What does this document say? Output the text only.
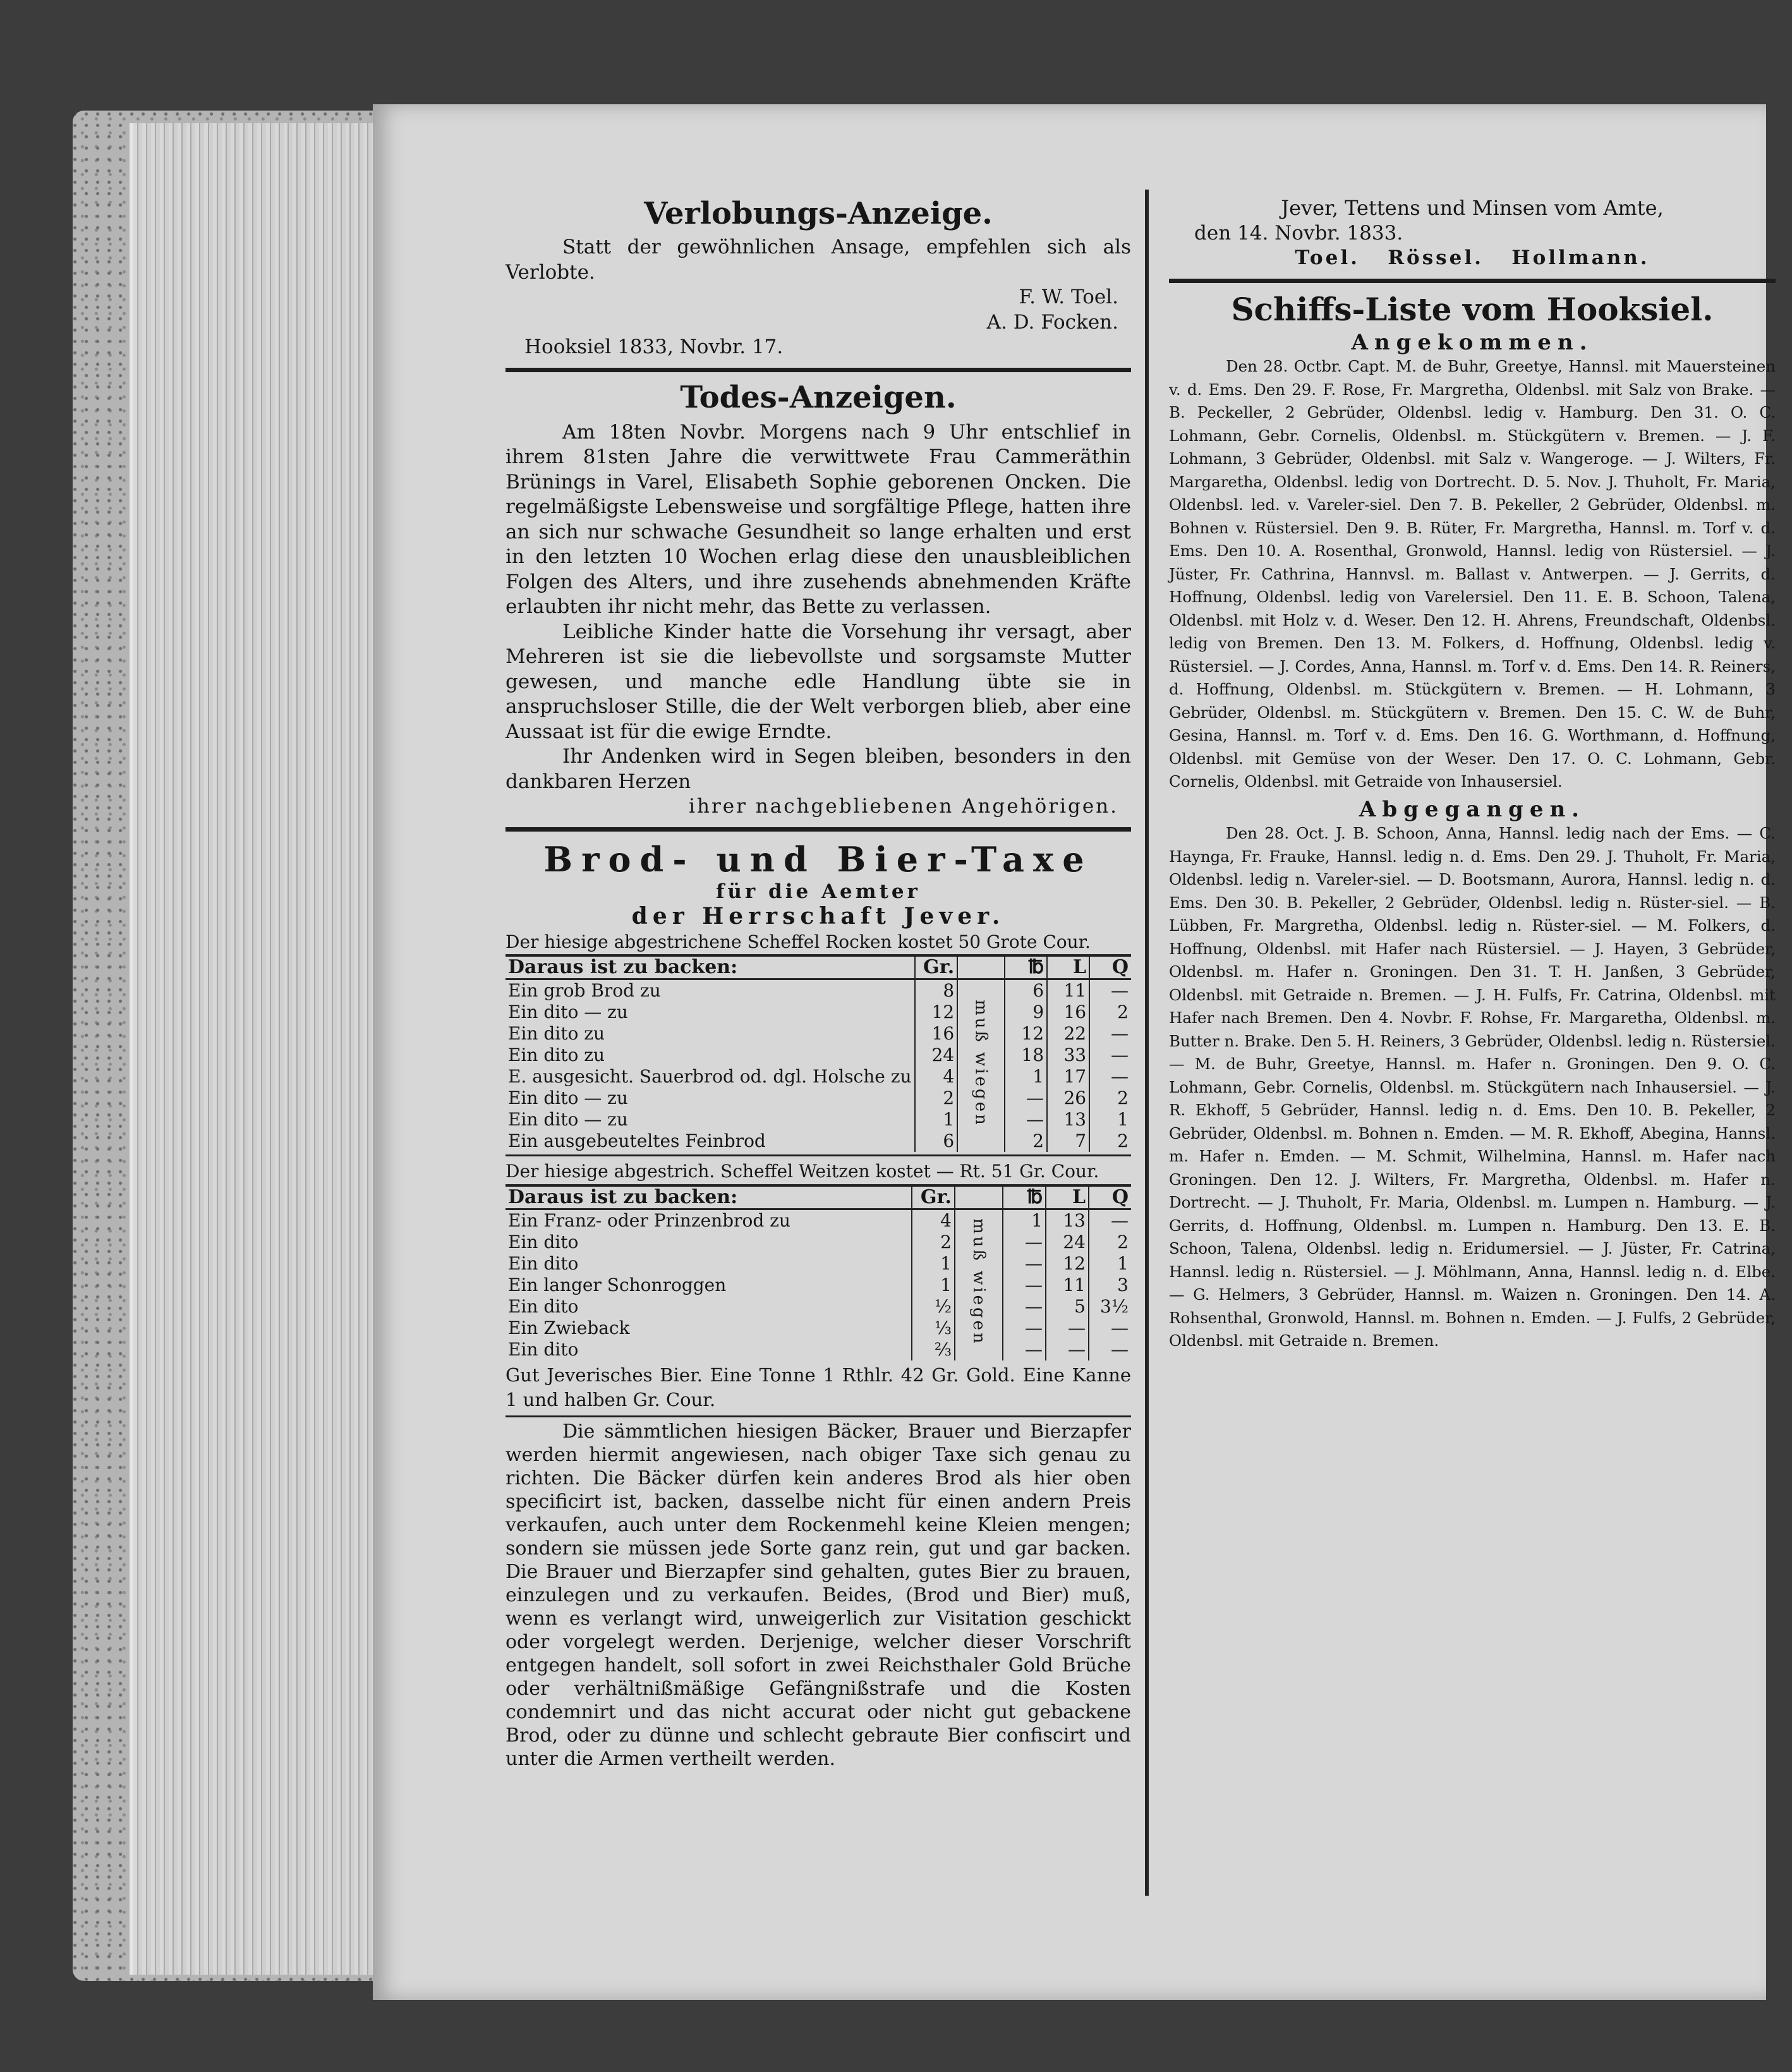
Verlobungs-Anzeige.

Statt der gewöhnlichen Ansage, empfehlen sich als Verlobte.

F. W. Toel.

A. D. Focken.

Hooksiel 1833, Novbr. 17.

Todes-Anzeigen.

Am 18ten Novbr. Morgens nach 9 Uhr entschlief in ihrem 81sten Jahre die verwittwete Frau Cammeräthin Brünings in Varel, Elisabeth Sophie geborenen Oncken. Die regelmäßigste Lebensweise und sorgfältige Pflege, hatten ihre an sich nur schwache Gesundheit so lange erhalten und erst in den letzten 10 Wochen erlag diese den unausbleiblichen Folgen des Alters, und ihre zusehends abnehmenden Kräfte erlaubten ihr nicht mehr, das Bette zu verlassen.

Leibliche Kinder hatte die Vorsehung ihr versagt, aber Mehreren ist sie die liebevollste und sorgsamste Mutter gewesen, und manche edle Handlung übte sie in anspruchsloser Stille, die der Welt verborgen blieb, aber eine Aussaat ist für die ewige Erndte.

Ihr Andenken wird in Segen bleiben, besonders in den dankbaren Herzen

ihrer nachgebliebenen Angehörigen.

Brod- und Bier-Taxe

für die Aemter

der Herrschaft Jever.

Der hiesige abgestrichene Scheffel Rocken kostet 50 Grote Cour.

Daraus ist zu backen:	Gr.		℔	L	Q
Ein grob Brod zu	8	muß wiegen	6	11	—
Ein dito — zu	12		9	16	2
Ein dito zu	16		12	22	—
Ein dito zu	24		18	33	—
E. ausgesicht. Sauerbrod od. dgl. Holsche zu	4		1	17	—
Ein dito — zu	2		—	26	2
Ein dito — zu	1		—	13	1
Ein ausgebeuteltes Feinbrod	6		2	7	2

Der hiesige abgestrich. Scheffel Weitzen kostet — Rt. 51 Gr. Cour.

Daraus ist zu backen:	Gr.		℔	L	Q
Ein Franz- oder Prinzenbrod zu	4	muß wiegen	1	13	—
Ein dito	2		—	24	2
Ein dito	1		—	12	1
Ein langer Schonroggen	1		—	11	3
Ein dito	½		—	5	3½
Ein Zwieback	⅓		—	—	—
Ein dito	⅔		—	—	—

Gut Jeverisches Bier. Eine Tonne 1 Rthlr. 42 Gr. Gold. Eine Kanne 1 und halben Gr. Cour.

Die sämmtlichen hiesigen Bäcker, Brauer und Bierzapfer werden hiermit angewiesen, nach obiger Taxe sich genau zu richten. Die Bäcker dürfen kein anderes Brod als hier oben specificirt ist, backen, dasselbe nicht für einen andern Preis verkaufen, auch unter dem Rockenmehl keine Kleien mengen; sondern sie müssen jede Sorte ganz rein, gut und gar backen. Die Brauer und Bierzapfer sind gehalten, gutes Bier zu brauen, einzulegen und zu verkaufen. Beides, (Brod und Bier) muß, wenn es verlangt wird, unweigerlich zur Visitation geschickt oder vorgelegt werden. Derjenige, welcher dieser Vorschrift entgegen handelt, soll sofort in zwei Reichsthaler Gold Brüche oder verhältnißmäßige Gefängnißstrafe und die Kosten condemnirt und das nicht accurat oder nicht gut gebackene Brod, oder zu dünne und schlecht gebraute Bier confiscirt und unter die Armen vertheilt werden.

Jever, Tettens und Minsen vom Amte,

den 14. Novbr. 1833.

Toel.   Rössel.   Hollmann.

Schiffs-Liste vom Hooksiel.

Angekommen.

Den 28. Octbr. Capt. M. de Buhr, Greetye, Hannsl. mit Mauersteinen v. d. Ems. Den 29. F. Rose, Fr. Margretha, Oldenbsl. mit Salz von Brake. — B. Peckeller, 2 Gebrüder, Oldenbsl. ledig v. Hamburg. Den 31. O. C. Lohmann, Gebr. Cornelis, Oldenbsl. m. Stückgütern v. Bremen. — J. F. Lohmann, 3 Gebrüder, Oldenbsl. mit Salz v. Wangeroge. — J. Wilters, Fr. Margaretha, Oldenbsl. ledig von Dortrecht. D. 5. Nov. J. Thuholt, Fr. Maria, Oldenbsl. led. v. Vareler-siel. Den 7. B. Pekeller, 2 Gebrüder, Oldenbsl. m. Bohnen v. Rüstersiel. Den 9. B. Rüter, Fr. Margretha, Hannsl. m. Torf v. d. Ems. Den 10. A. Rosenthal, Gronwold, Hannsl. ledig von Rüstersiel. — J. Jüster, Fr. Cathrina, Hannvsl. m. Ballast v. Antwerpen. — J. Gerrits, d. Hoffnung, Oldenbsl. ledig von Varelersiel. Den 11. E. B. Schoon, Talena, Oldenbsl. mit Holz v. d. Weser. Den 12. H. Ahrens, Freundschaft, Oldenbsl. ledig von Bremen. Den 13. M. Folkers, d. Hoffnung, Oldenbsl. ledig v. Rüstersiel. — J. Cordes, Anna, Hannsl. m. Torf v. d. Ems. Den 14. R. Reiners, d. Hoffnung, Oldenbsl. m. Stückgütern v. Bremen. — H. Lohmann, 3 Gebrüder, Oldenbsl. m. Stückgütern v. Bremen. Den 15. C. W. de Buhr, Gesina, Hannsl. m. Torf v. d. Ems. Den 16. G. Worthmann, d. Hoffnung, Oldenbsl. mit Gemüse von der Weser. Den 17. O. C. Lohmann, Gebr. Cornelis, Oldenbsl. mit Getraide von Inhausersiel.

Abgegangen.

Den 28. Oct. J. B. Schoon, Anna, Hannsl. ledig nach der Ems. — C. Haynga, Fr. Frauke, Hannsl. ledig n. d. Ems. Den 29. J. Thuholt, Fr. Maria, Oldenbsl. ledig n. Vareler-siel. — D. Bootsmann, Aurora, Hannsl. ledig n. d. Ems. Den 30. B. Pekeller, 2 Gebrüder, Oldenbsl. ledig n. Rüster-siel. — B. Lübben, Fr. Margretha, Oldenbsl. ledig n. Rüster-siel. — M. Folkers, d. Hoffnung, Oldenbsl. mit Hafer nach Rüstersiel. — J. Hayen, 3 Gebrüder, Oldenbsl. m. Hafer n. Groningen. Den 31. T. H. Janßen, 3 Gebrüder, Oldenbsl. mit Getraide n. Bremen. — J. H. Fulfs, Fr. Catrina, Oldenbsl. mit Hafer nach Bremen. Den 4. Novbr. F. Rohse, Fr. Margaretha, Oldenbsl. m. Butter n. Brake. Den 5. H. Reiners, 3 Gebrüder, Oldenbsl. ledig n. Rüstersiel. — M. de Buhr, Greetye, Hannsl. m. Hafer n. Groningen. Den 9. O. C. Lohmann, Gebr. Cornelis, Oldenbsl. m. Stückgütern nach Inhausersiel. — J. R. Ekhoff, 5 Gebrüder, Hannsl. ledig n. d. Ems. Den 10. B. Pekeller, 2 Gebrüder, Oldenbsl. m. Bohnen n. Emden. — M. R. Ekhoff, Abegina, Hannsl. m. Hafer n. Emden. — M. Schmit, Wilhelmina, Hannsl. m. Hafer nach Groningen. Den 12. J. Wilters, Fr. Margretha, Oldenbsl. m. Hafer n. Dortrecht. — J. Thuholt, Fr. Maria, Oldenbsl. m. Lumpen n. Hamburg. — J. Gerrits, d. Hoffnung, Oldenbsl. m. Lumpen n. Hamburg. Den 13. E. B. Schoon, Talena, Oldenbsl. ledig n. Eridumersiel. — J. Jüster, Fr. Catrina, Hannsl. ledig n. Rüstersiel. — J. Möhlmann, Anna, Hannsl. ledig n. d. Elbe. — G. Helmers, 3 Gebrüder, Hannsl. m. Waizen n. Groningen. Den 14. A. Rohsenthal, Gronwold, Hannsl. m. Bohnen n. Emden. — J. Fulfs, 2 Gebrüder, Oldenbsl. mit Getraide n. Bremen.
